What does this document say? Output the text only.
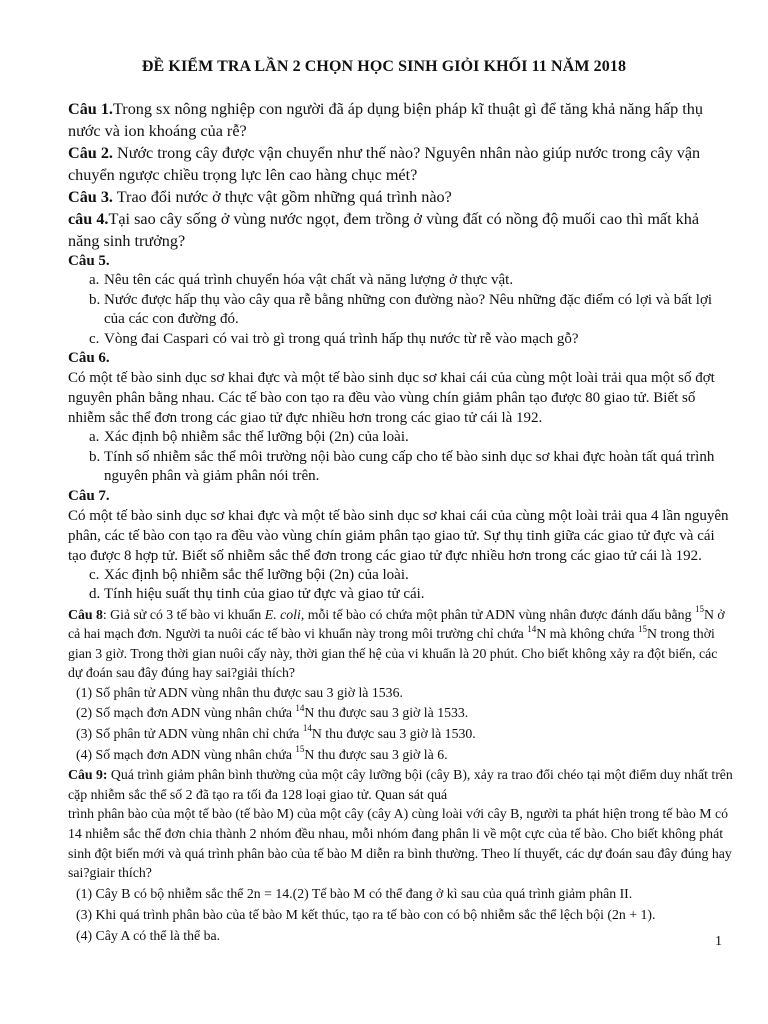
ĐỀ KIỂM TRA LẦN 2 CHỌN HỌC SINH GIỎI KHỐI 11 NĂM 2018

Câu 1.Trong sx nông nghiệp con người đã áp dụng biện pháp kĩ thuật gì để tăng khả năng hấp thụ nước và ion khoáng của rễ?

Câu 2. Nước trong cây được vận chuyển như thế nào? Nguyên nhân nào giúp nước trong cây vận chuyển ngược chiều trọng lực lên cao hàng chục mét?

Câu 3. Trao đổi nước ở thực vật gồm những quá trình nào?

câu 4.Tại sao cây sống ở vùng nước ngọt, đem trồng ở vùng đất có nồng độ muối cao thì mất khả năng sinh trưởng?

Câu 5.

a. Nêu tên các quá trình chuyển hóa vật chất và năng lượng ở thực vật.
b. Nước được hấp thụ vào cây qua rễ bằng những con đường nào? Nêu những đặc điểm có lợi và bất lợi của các con đường đó.
c. Vòng đai Caspari có vai trò gì trong quá trình hấp thụ nước từ rễ vào mạch gỗ?

Câu 6.

Có một tế bào sinh dục sơ khai đực và một tế bào sinh dục sơ khai cái của cùng một loài trải qua một số đợt nguyên phân bằng nhau. Các tế bào con tạo ra đều vào vùng chín giảm phân tạo được 80 giao tử. Biết số nhiễm sắc thể đơn trong các giao tử đực nhiều hơn trong các giao tử cái là 192.

a. Xác định bộ nhiễm sắc thể lưỡng bội (2n) của loài.
b. Tính số nhiễm sắc thể môi trường nội bào cung cấp cho tế bào sinh dục sơ khai đực hoàn tất quá trình nguyên phân và giảm phân nói trên.

Câu 7.

Có một tế bào sinh dục sơ khai đực và một tế bào sinh dục sơ khai cái của cùng một loài trải qua 4 lần nguyên phân, các tế bào con tạo ra đều vào vùng chín giảm phân tạo giao tử. Sự thụ tinh giữa các giao tử đực và cái tạo được 8 hợp tử. Biết số nhiễm sắc thể đơn trong các giao tử đực nhiều hơn trong các giao tử cái là 192.

c. Xác định bộ nhiễm sắc thể lưỡng bội (2n) của loài.
d. Tính hiệu suất thụ tinh của giao tử đực và giao tử cái.

Câu 8: Giả sử có 3 tế bào vi khuẩn E. coli, mỗi tế bào có chứa một phân tử ADN vùng nhân được đánh dấu bằng $^{15}$N ở cả hai mạch đơn. Người ta nuôi các tế bào vi khuẩn này trong môi trường chỉ chứa $^{14}$N mà không chứa $^{15}$N trong thời gian 3 giờ. Trong thời gian nuôi cấy này, thời gian thế hệ của vi khuẩn là 20 phút. Cho biết không xảy ra đột biến, các dự đoán sau đây đúng hay sai?giải thích?

(1) Số phân tử ADN vùng nhân thu được sau 3 giờ là 1536.
(2) Số mạch đơn ADN vùng nhân chứa $^{14}$N thu được sau 3 giờ là 1533.
(3) Số phân tử ADN vùng nhân chỉ chứa $^{14}$N thu được sau 3 giờ là 1530.
(4) Số mạch đơn ADN vùng nhân chứa $^{15}$N thu được sau 3 giờ là 6.

Câu 9: Quá trình giảm phân bình thường của một cây lưỡng bội (cây B), xảy ra trao đổi chéo tại một điểm duy nhất trên cặp nhiễm sắc thể số 2 đã tạo ra tối đa 128 loại giao tử. Quan sát quá

trình phân bào của một tế bào (tế bào M) của một cây (cây A) cùng loài với cây B, người ta phát hiện trong tế bào M có 14 nhiễm sắc thể đơn chia thành 2 nhóm đều nhau, mỗi nhóm đang phân li về một cực của tế bào. Cho biết không phát sinh đột biến mới và quá trình phân bào của tế bào M diễn ra bình thường. Theo lí thuyết, các dự đoán sau đây đúng hay sai?giair thích?

(1) Cây B có bộ nhiễm sắc thể 2n = 14.(2) Tế bào M có thể đang ở kì sau của quá trình giảm phân II.
(3) Khi quá trình phân bào của tế bào M kết thúc, tạo ra tế bào con có bộ nhiễm sắc thể lệch bội (2n + 1).
(4) Cây A có thể là thể ba.	1
